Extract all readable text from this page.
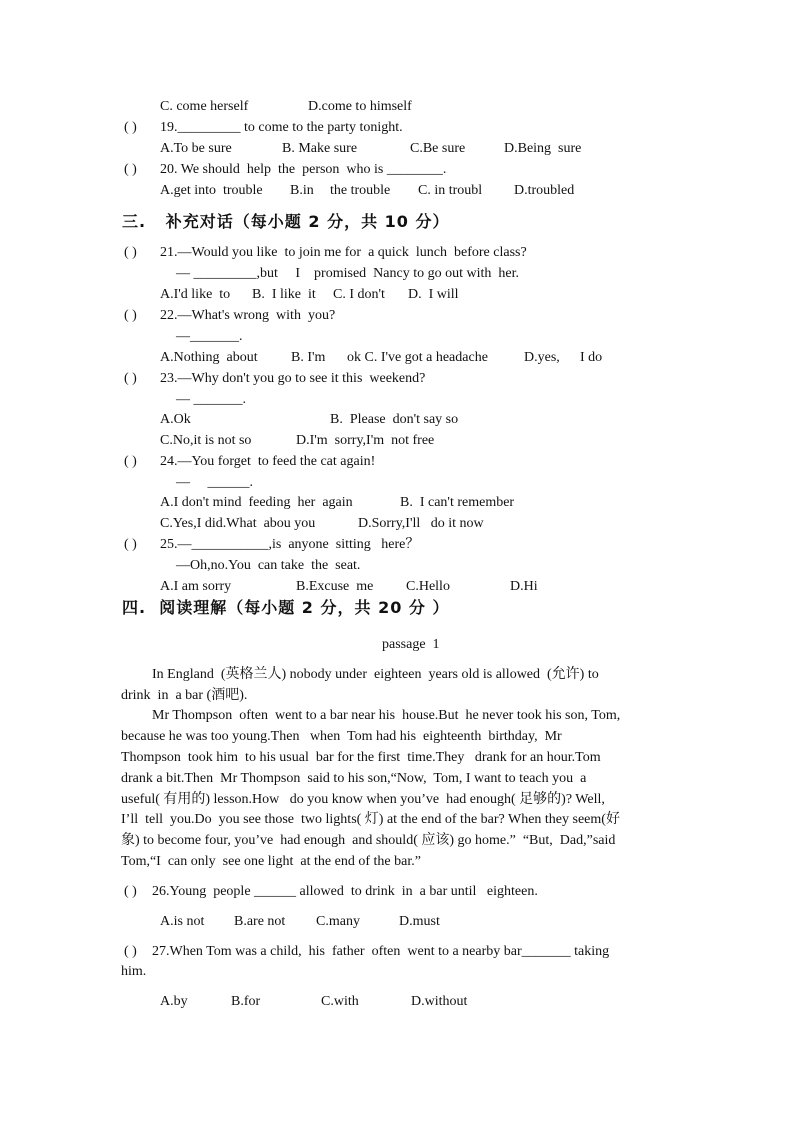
C. come herself	D.come to himself
( ) 19._________ to come to the party tonight.
A.To be sure	B. Make sure	C.Be sure	D.Being  sure
( ) 20. We should  help  the  person  who is ________.
A.get into  trouble B.in the trouble C. in troubl D.troubled
三.   补充对话（每小题 2 分，共 10 分）
( ) 21.—Would you like  to join me for  a quick  lunch  before class?
— _________,but     I    promised  Nancy to go out with  her.
A.I'd like  to B.  I like  it C. I don't D.  I will
( ) 22.—What's wrong  with  you?
—_______.
A.Nothing  about B. I'm ok C. I've got a headache	D.yes, I do
( ) 23.—Why don't you go to see it this  weekend?
— _______.
A.Ok	B.  Please  don't say so
C.No,it is not so	D.I'm  sorry,I'm  not free
( ) 24.—You forget  to feed the cat again!
—     ______.
A.I don't mind  feeding  her  again	B.  I can't remember
C.Yes,I did.What  abou you	D.Sorry,I'll   do it now
( ) 25.—___________,is  anyone  sitting   here？
—Oh,no.You  can take  the  seat.
A.I am sorry	B.Excuse  me C.Hello	D.Hi
四.  阅读理解（每小题 2 分，共 20 分 ）
passage  1
In England  (英格兰人) nobody under  eighteen  years old is allowed  (允许) to
drink  in  a bar (酒吧).
Mr Thompson  often  went to a bar near his  house.But  he never took his son, Tom,
because he was too young.Then   when  Tom had his  eighteenth  birthday,  Mr
Thompson  took him  to his usual  bar for the first  time.They   drank for an hour.Tom
drank a bit.Then  Mr Thompson  said to his son,“Now,  Tom, I want to teach you  a
useful( 有用的) lesson.How   do you know when you’ve  had enough( 足够的)? Well,
I’ll  tell  you.Do  you see those  two lights( 灯) at the end of the bar? When they seem(好
象) to become four, you’ve  had enough  and should( 应该) go home.”  “But,  Dad,”said
Tom,“I  can only  see one light  at the end of the bar.”
( ) 26.Young  people ______ allowed  to drink  in  a bar until   eighteen.
A.is not B.are not C.many	D.must
( ) 27.When Tom was a child,  his  father  often  went to a nearby bar_______ taking
him.
A.by	B.for	C.with	D.without
